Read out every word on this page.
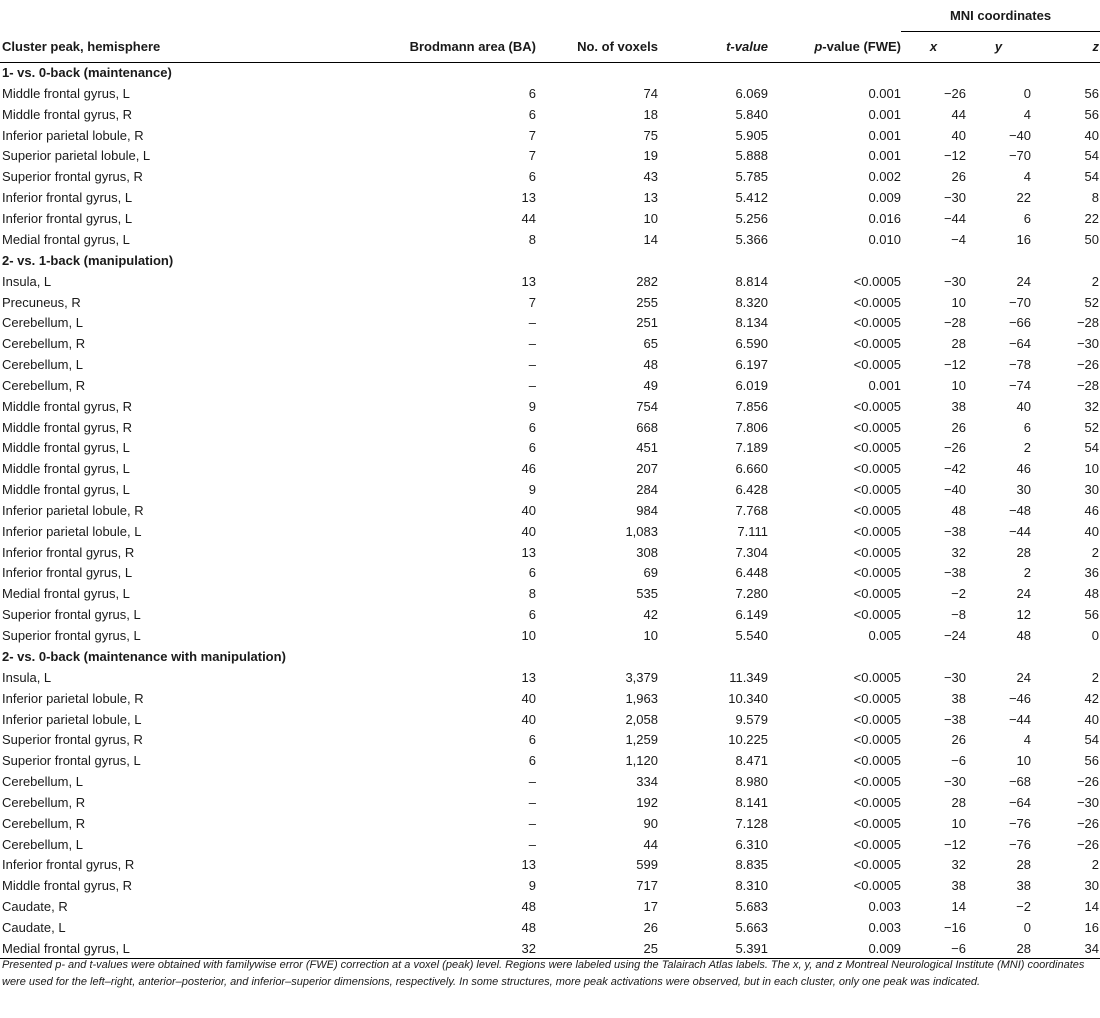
					MNI coordinates		
Cluster peak, hemisphere	Brodmann area (BA)	No. of voxels	t-value	p-value (FWE)	x	y	z
1- vs. 0-back (maintenance)							
Middle frontal gyrus, L	6	74	6.069	0.001	−26	0	56
Middle frontal gyrus, R	6	18	5.840	0.001	44	4	56
Inferior parietal lobule, R	7	75	5.905	0.001	40	−40	40
Superior parietal lobule, L	7	19	5.888	0.001	−12	−70	54
Superior frontal gyrus, R	6	43	5.785	0.002	26	4	54
Inferior frontal gyrus, L	13	13	5.412	0.009	−30	22	8
Inferior frontal gyrus, L	44	10	5.256	0.016	−44	6	22
Medial frontal gyrus, L	8	14	5.366	0.010	−4	16	50
2- vs. 1-back (manipulation)							
Insula, L	13	282	8.814	<0.0005	−30	24	2
Precuneus, R	7	255	8.320	<0.0005	10	−70	52
Cerebellum, L	–	251	8.134	<0.0005	−28	−66	−28
Cerebellum, R	–	65	6.590	<0.0005	28	−64	−30
Cerebellum, L	–	48	6.197	<0.0005	−12	−78	−26
Cerebellum, R	–	49	6.019	0.001	10	−74	−28
Middle frontal gyrus, R	9	754	7.856	<0.0005	38	40	32
Middle frontal gyrus, R	6	668	7.806	<0.0005	26	6	52
Middle frontal gyrus, L	6	451	7.189	<0.0005	−26	2	54
Middle frontal gyrus, L	46	207	6.660	<0.0005	−42	46	10
Middle frontal gyrus, L	9	284	6.428	<0.0005	−40	30	30
Inferior parietal lobule, R	40	984	7.768	<0.0005	48	−48	46
Inferior parietal lobule, L	40	1,083	7.111	<0.0005	−38	−44	40
Inferior frontal gyrus, R	13	308	7.304	<0.0005	32	28	2
Inferior frontal gyrus, L	6	69	6.448	<0.0005	−38	2	36
Medial frontal gyrus, L	8	535	7.280	<0.0005	−2	24	48
Superior frontal gyrus, L	6	42	6.149	<0.0005	−8	12	56
Superior frontal gyrus, L	10	10	5.540	0.005	−24	48	0
2- vs. 0-back (maintenance with manipulation)							
Insula, L	13	3,379	11.349	<0.0005	−30	24	2
Inferior parietal lobule, R	40	1,963	10.340	<0.0005	38	−46	42
Inferior parietal lobule, L	40	2,058	9.579	<0.0005	−38	−44	40
Superior frontal gyrus, R	6	1,259	10.225	<0.0005	26	4	54
Superior frontal gyrus, L	6	1,120	8.471	<0.0005	−6	10	56
Cerebellum, L	–	334	8.980	<0.0005	−30	−68	−26
Cerebellum, R	–	192	8.141	<0.0005	28	−64	−30
Cerebellum, R	–	90	7.128	<0.0005	10	−76	−26
Cerebellum, L	–	44	6.310	<0.0005	−12	−76	−26
Inferior frontal gyrus, R	13	599	8.835	<0.0005	32	28	2
Middle frontal gyrus, R	9	717	8.310	<0.0005	38	38	30
Caudate, R	48	17	5.683	0.003	14	−2	14
Caudate, L	48	26	5.663	0.003	−16	0	16
Medial frontal gyrus, L	32	25	5.391	0.009	−6	28	34
Presented p- and t-values were obtained with familywise error (FWE) correction at a voxel (peak) level. Regions were labeled using the Talairach Atlas labels. The x, y, and z Montreal Neurological Institute (MNI) coordinates were used for the left–right, anterior–posterior, and inferior–superior dimensions, respectively. In some structures, more peak activations were observed, but in each cluster, only one peak was indicated.
